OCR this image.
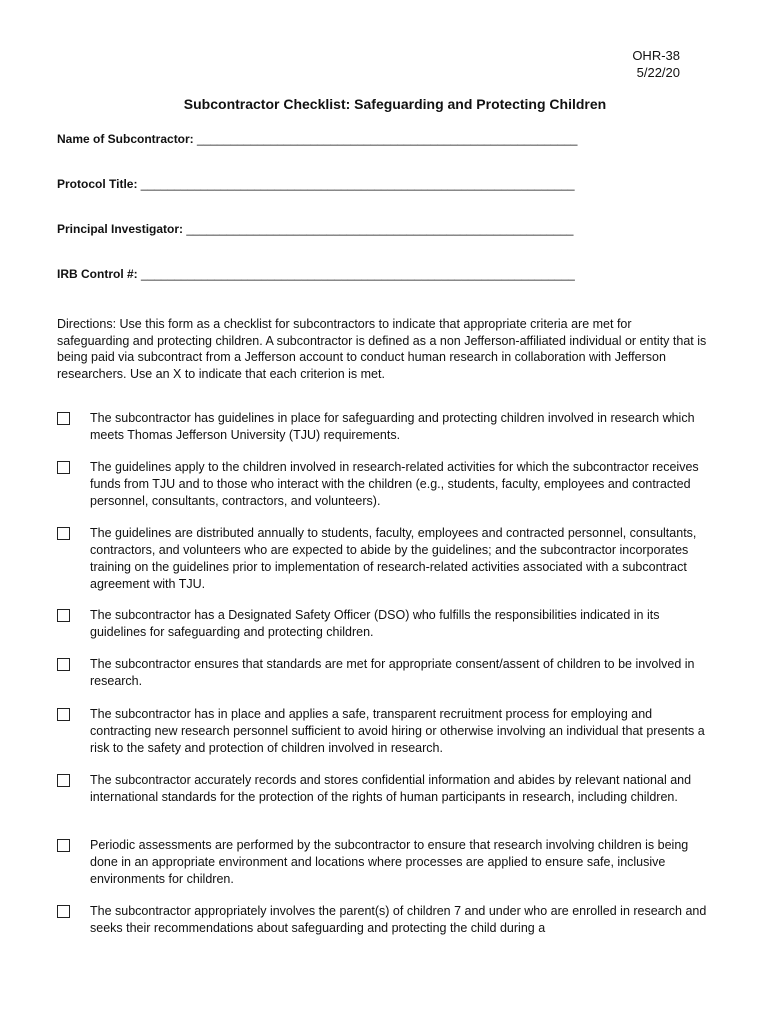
OHR-38
5/22/20
Subcontractor Checklist: Safeguarding and Protecting Children
Name of Subcontractor: _________________________________________________________
Protocol Title: _________________________________________________________________
Principal Investigator: __________________________________________________________
IRB Control #: _________________________________________________________________
Directions: Use this form as a checklist for subcontractors to indicate that appropriate criteria are met for safeguarding and protecting children. A subcontractor is defined as a non Jefferson-affiliated individual or entity that is being paid via subcontract from a Jefferson account to conduct human research in collaboration with Jefferson researchers. Use an X to indicate that each criterion is met.
The subcontractor has guidelines in place for safeguarding and protecting children involved in research which meets Thomas Jefferson University (TJU) requirements.
The guidelines apply to the children involved in research-related activities for which the subcontractor receives funds from TJU and to those who interact with the children (e.g., students, faculty, employees and contracted personnel, consultants, contractors, and volunteers).
The guidelines are distributed annually to students, faculty, employees and contracted personnel, consultants, contractors, and volunteers who are expected to abide by the guidelines; and the subcontractor incorporates training on the guidelines prior to implementation of research-related activities associated with a subcontract agreement with TJU.
The subcontractor has a Designated Safety Officer (DSO) who fulfills the responsibilities indicated in its guidelines for safeguarding and protecting children.
The subcontractor ensures that standards are met for appropriate consent/assent of children to be involved in research.
The subcontractor has in place and applies a safe, transparent recruitment process for employing and contracting new research personnel sufficient to avoid hiring or otherwise involving an individual that presents a risk to the safety and protection of children involved in research.
The subcontractor accurately records and stores confidential information and abides by relevant national and international standards for the protection of the rights of human participants in research, including children.
Periodic assessments are performed by the subcontractor to ensure that research involving children is being done in an appropriate environment and locations where processes are applied to ensure safe, inclusive environments for children.
The subcontractor appropriately involves the parent(s) of children 7 and under who are enrolled in research and seeks their recommendations about safeguarding and protecting the child during a
